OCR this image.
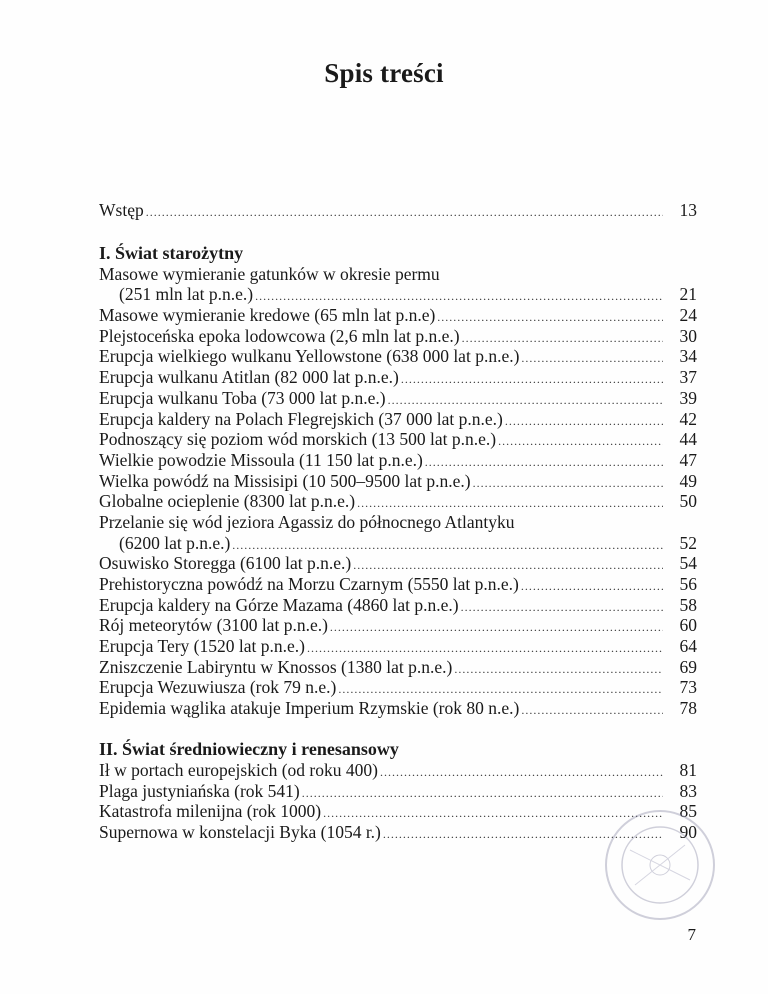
Spis treści
Wstęp .....	13
I. Świat starożytny
Masowe wymieranie gatunków w okresie permu
(251 mln lat p.n.e.) .....	21
Masowe wymieranie kredowe (65 mln lat p.n.e) .....	24
Plejstoceńska epoka lodowcowa (2,6 mln lat p.n.e.) .....	30
Erupcja wielkiego wulkanu Yellowstone (638 000 lat p.n.e.) .....	34
Erupcja wulkanu Atitlan (82 000 lat p.n.e.) .....	37
Erupcja wulkanu Toba (73 000 lat p.n.e.) .....	39
Erupcja kaldery na Polach Flegrejskich (37 000 lat p.n.e.) .....	42
Podnoszący się poziom wód morskich (13 500 lat p.n.e.) .....	44
Wielkie powodzie Missoula (11 150 lat p.n.e.) .....	47
Wielka powódź na Missisipi (10 500–9500 lat p.n.e.) .....	49
Globalne ocieplenie (8300 lat p.n.e.) .....	50
Przelanie się wód jeziora Agassiz do północnego Atlantyku
(6200 lat p.n.e.) .....	52
Osuwisko Storegga (6100 lat p.n.e.) .....	54
Prehistoryczna powódź na Morzu Czarnym (5550 lat p.n.e.) .....	56
Erupcja kaldery na Górze Mazama (4860 lat p.n.e.) .....	58
Rój meteorytów (3100 lat p.n.e.) .....	60
Erupcja Tery (1520 lat p.n.e.) .....	64
Zniszczenie Labiryntu w Knossos (1380 lat p.n.e.) .....	69
Erupcja Wezuwiusza (rok 79 n.e.) .....	73
Epidemia wąglika atakuje Imperium Rzymskie (rok 80 n.e.) .....	78
II. Świat średniowieczny i renesansowy
Ił w portach europejskich (od roku 400) .....	81
Plaga justyniańska (rok 541) .....	83
Katastrofa milenijna (rok 1000) .....	85
Supernowa w konstelacji Byka (1054 r.) .....	90
7
